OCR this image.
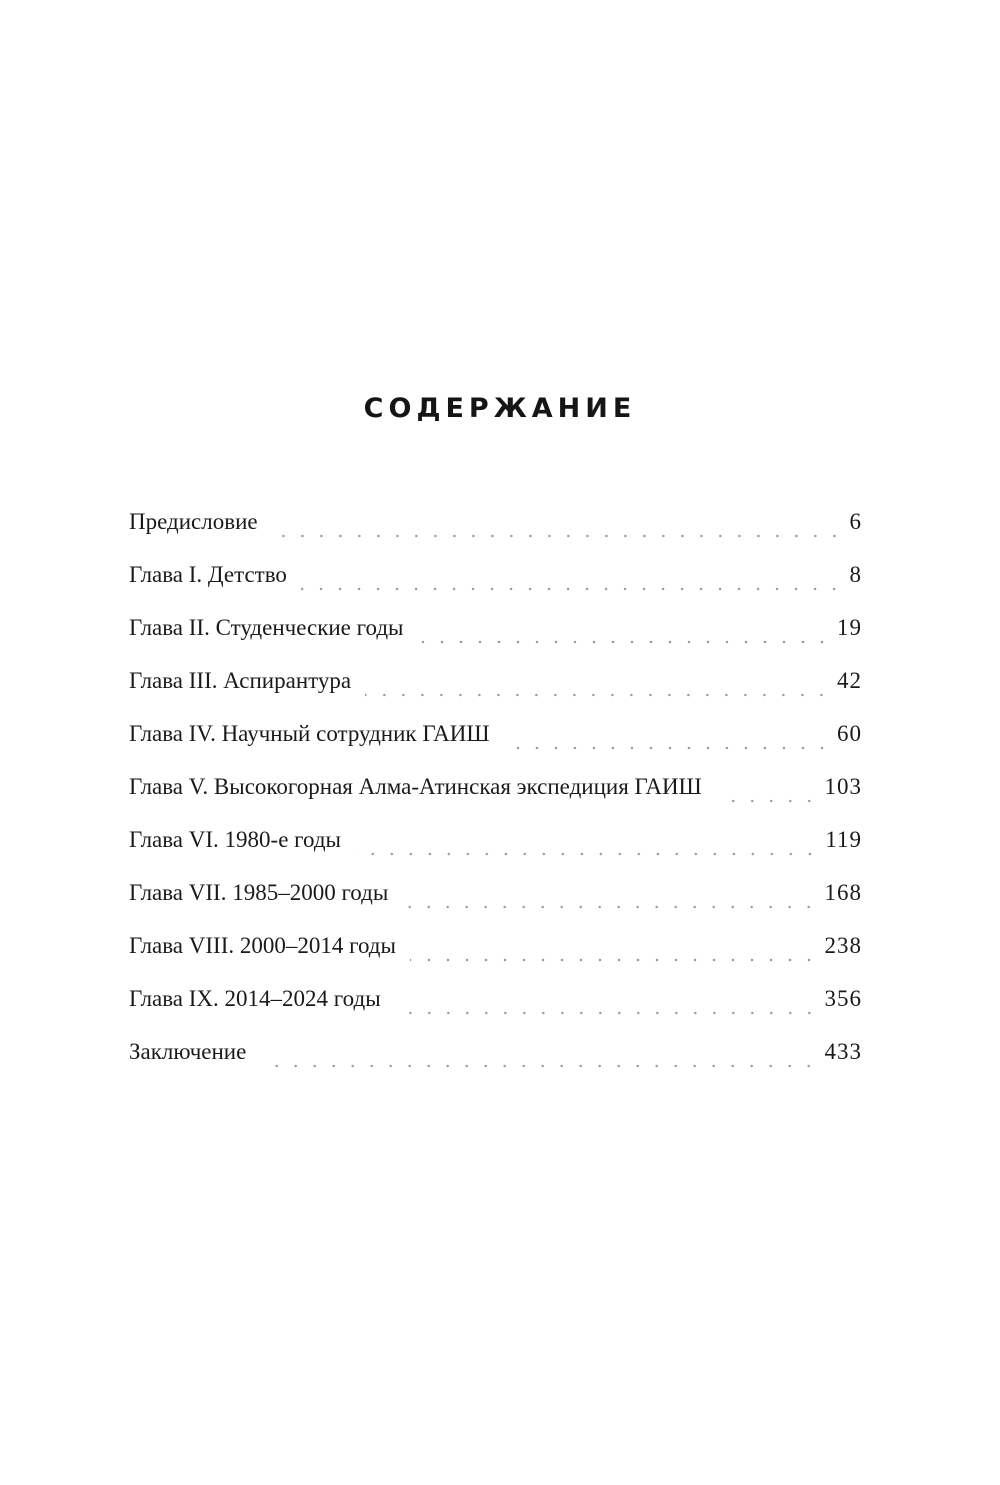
СОДЕРЖАНИЕ
Предисловие	6
Глава I. Детство	8
Глава II. Студенческие годы	19
Глава III. Аспирантура	42
Глава IV. Научный сотрудник ГАИШ	60
Глава V. Высокогорная Алма-Атинская экспедиция ГАИШ	103
Глава VI. 1980-е годы	119
Глава VII. 1985–2000 годы	168
Глава VIII. 2000–2014 годы	238
Глава IX. 2014–2024 годы	356
Заключение	433
